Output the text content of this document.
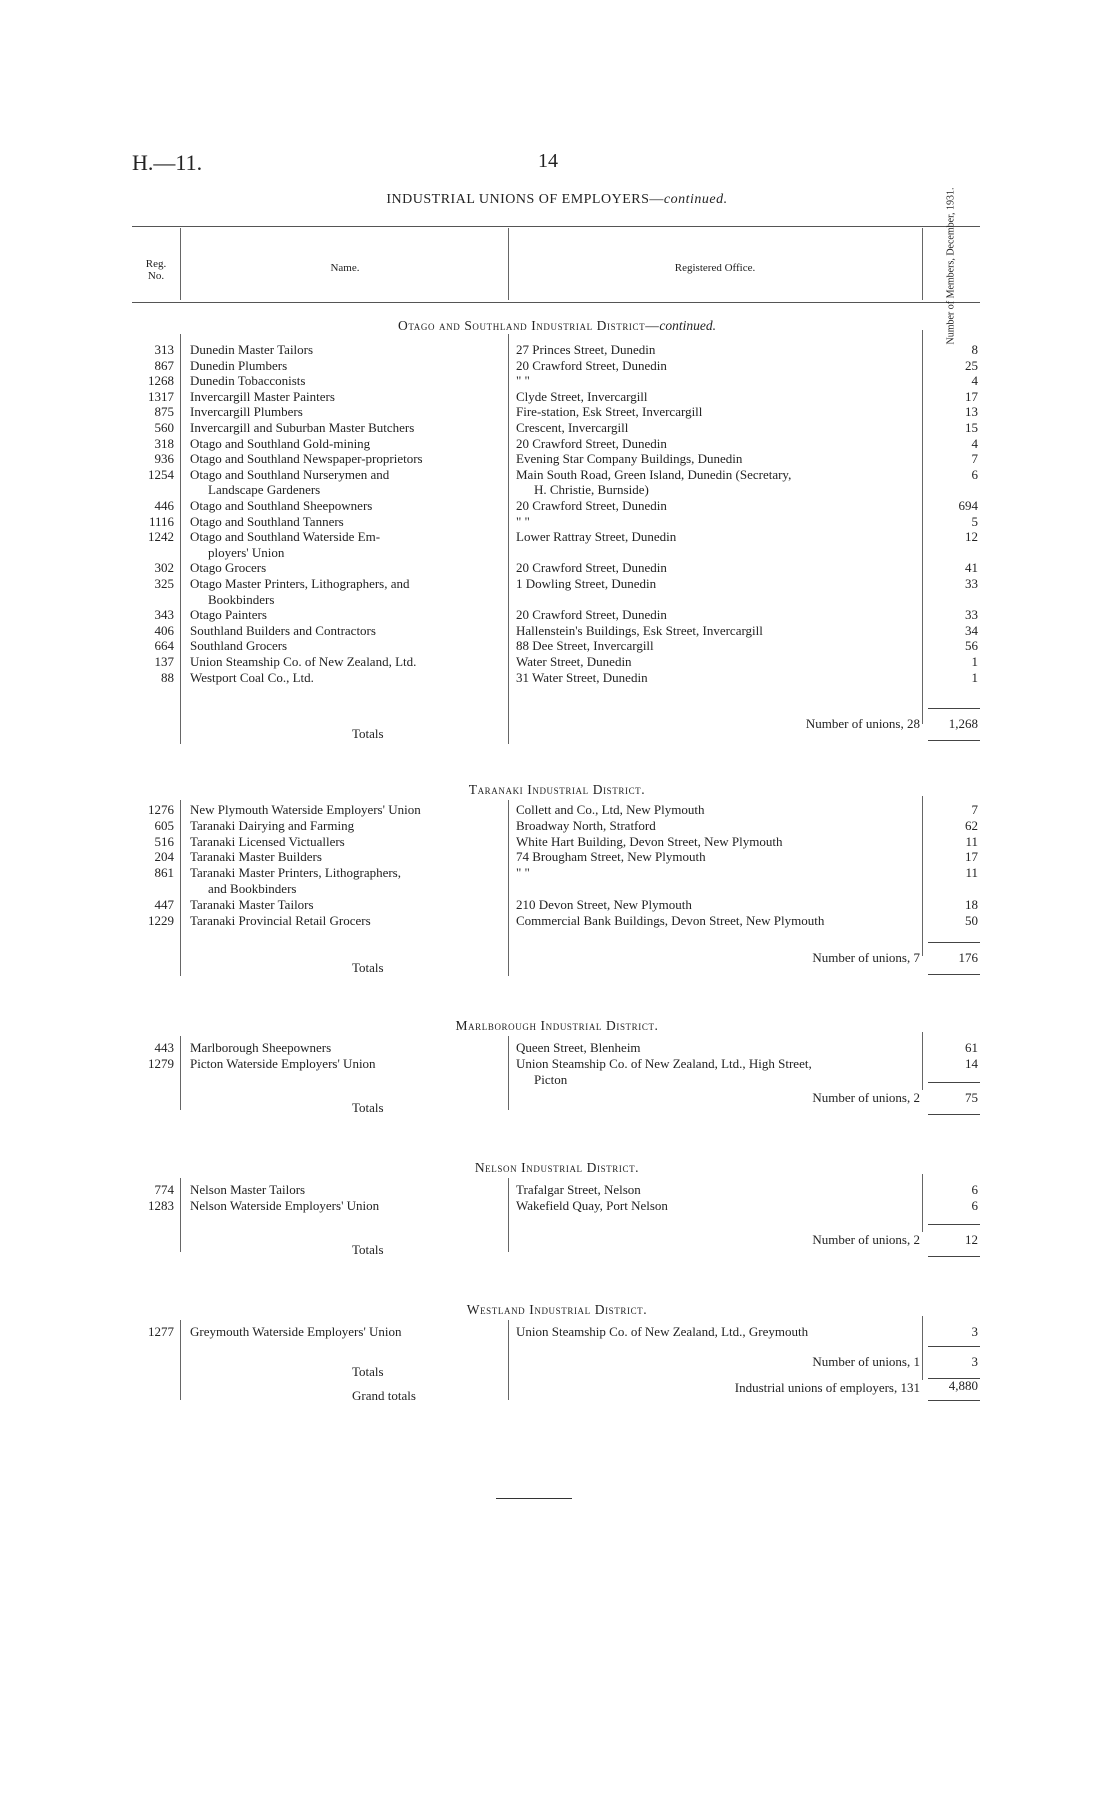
H.—11.	14
INDUSTRIAL UNIONS OF EMPLOYERS—continued.
Reg. No.
Name.	Registered Office.	Number of Members, December, 1931.
Otago and Southland Industrial District—continued.
313 Dunedin Master Tailors	27 Princes Street, Dunedin	8
867 Dunedin Plumbers	20 Crawford Street, Dunedin	25
1268 Dunedin Tobacconists	" "	4
1317 Invercargill Master Painters	Clyde Street, Invercargill	17
875 Invercargill Plumbers	Fire-station, Esk Street, Invercargill	13
560 Invercargill and Suburban Master Butchers	Crescent, Invercargill	15
318 Otago and Southland Gold-mining	20 Crawford Street, Dunedin	4
936 Otago and Southland Newspaper-proprietors	Evening Star Company Buildings, Dunedin	7
1254 Otago and Southland Nurserymen and	Main South Road, Green Island, Dunedin (Secretary,	6
Landscape Gardeners	H. Christie, Burnside)
446 Otago and Southland Sheepowners	20 Crawford Street, Dunedin	694
1116 Otago and Southland Tanners	" "	5
1242 Otago and Southland Waterside Em-	Lower Rattray Street, Dunedin	12
ployers' Union
302 Otago Grocers	20 Crawford Street, Dunedin	41
325 Otago Master Printers, Lithographers, and	1 Dowling Street, Dunedin	33
Bookbinders
343 Otago Painters	20 Crawford Street, Dunedin	33
406 Southland Builders and Contractors	Hallenstein's Buildings, Esk Street, Invercargill	34
664 Southland Grocers	88 Dee Street, Invercargill	56
137 Union Steamship Co. of New Zealand, Ltd.	Water Street, Dunedin	1
88 Westport Coal Co., Ltd.	31 Water Street, Dunedin	1
Totals
Number of unions, 28	1,268
Taranaki Industrial District.
1276 New Plymouth Waterside Employers' Union	Collett and Co., Ltd, New Plymouth	7
605 Taranaki Dairying and Farming	Broadway North, Stratford	62
516 Taranaki Licensed Victuallers	White Hart Building, Devon Street, New Plymouth	11
204 Taranaki Master Builders	74 Brougham Street, New Plymouth	17
861 Taranaki Master Printers, Lithographers,	" "	11
and Bookbinders
447 Taranaki Master Tailors	210 Devon Street, New Plymouth	18
1229 Taranaki Provincial Retail Grocers	Commercial Bank Buildings, Devon Street, New Plymouth	50
Totals
Number of unions, 7	176
Marlborough Industrial District.
443 Marlborough Sheepowners	Queen Street, Blenheim	61
1279 Picton Waterside Employers' Union	Union Steamship Co. of New Zealand, Ltd., High Street,	14
Picton
Totals
Number of unions, 2	75
Nelson Industrial District.
774 Nelson Master Tailors	Trafalgar Street, Nelson	6
1283 Nelson Waterside Employers' Union	Wakefield Quay, Port Nelson	6
Totals
Number of unions, 2	12
Westland Industrial District.
1277 Greymouth Waterside Employers' Union	Union Steamship Co. of New Zealand, Ltd., Greymouth	3
Totals
Number of unions, 1	3
Grand totals
Industrial unions of employers, 131	4,880
